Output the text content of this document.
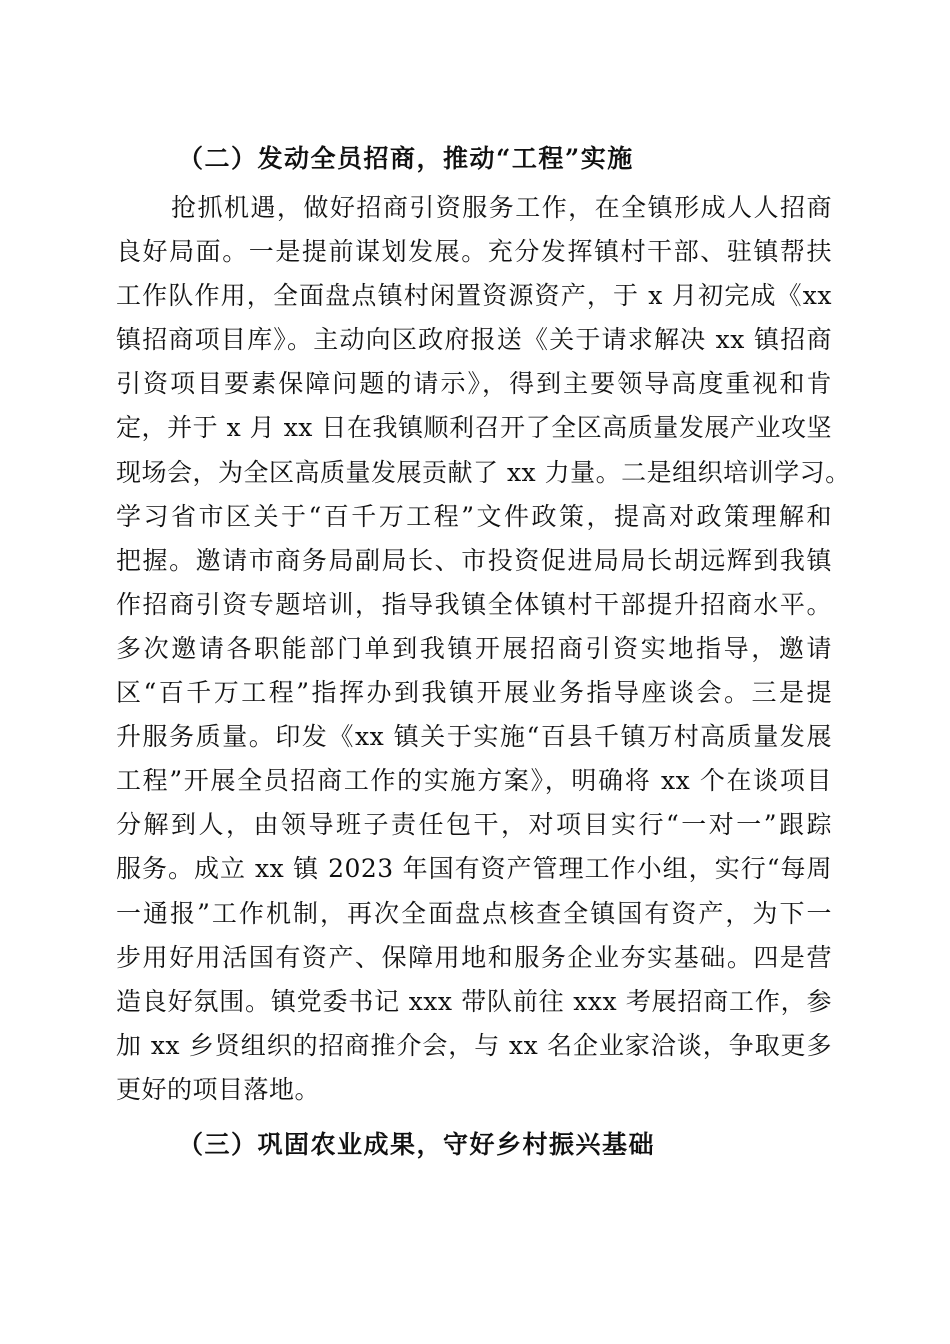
（二）发动全员招商，推动“工程”实施
抢抓机遇，做好招商引资服务工作，在全镇形成人人招商
良好局面。一是提前谋划发展。充分发挥镇村干部、驻镇帮扶
工作队作用，全面盘点镇村闲置资源资产，于 x 月初完成《xx
镇招商项目库》。主动向区政府报送《关于请求解决 xx 镇招商
引资项目要素保障问题的请示》，得到主要领导高度重视和肯
定，并于 x 月 xx 日在我镇顺利召开了全区高质量发展产业攻坚
现场会，为全区高质量发展贡献了 xx 力量。二是组织培训学习。
学习省市区关于“百千万工程”文件政策，提高对政策理解和
把握。邀请市商务局副局长、市投资促进局局长胡远辉到我镇
作招商引资专题培训，指导我镇全体镇村干部提升招商水平。
多次邀请各职能部门单到我镇开展招商引资实地指导，邀请
区“百千万工程”指挥办到我镇开展业务指导座谈会。三是提
升服务质量。印发《xx 镇关于实施“百县千镇万村高质量发展
工程”开展全员招商工作的实施方案》，明确将 xx 个在谈项目
分解到人，由领导班子责任包干，对项目实行“一对一”跟踪
服务。成立 xx 镇 2023 年国有资产管理工作小组，实行“每周
一通报”工作机制，再次全面盘点核查全镇国有资产，为下一
步用好用活国有资产、保障用地和服务企业夯实基础。四是营
造良好氛围。镇党委书记 xxx 带队前往 xxx 考展招商工作，参
加 xx 乡贤组织的招商推介会，与 xx 名企业家洽谈，争取更多
更好的项目落地。
（三）巩固农业成果，守好乡村振兴基础
